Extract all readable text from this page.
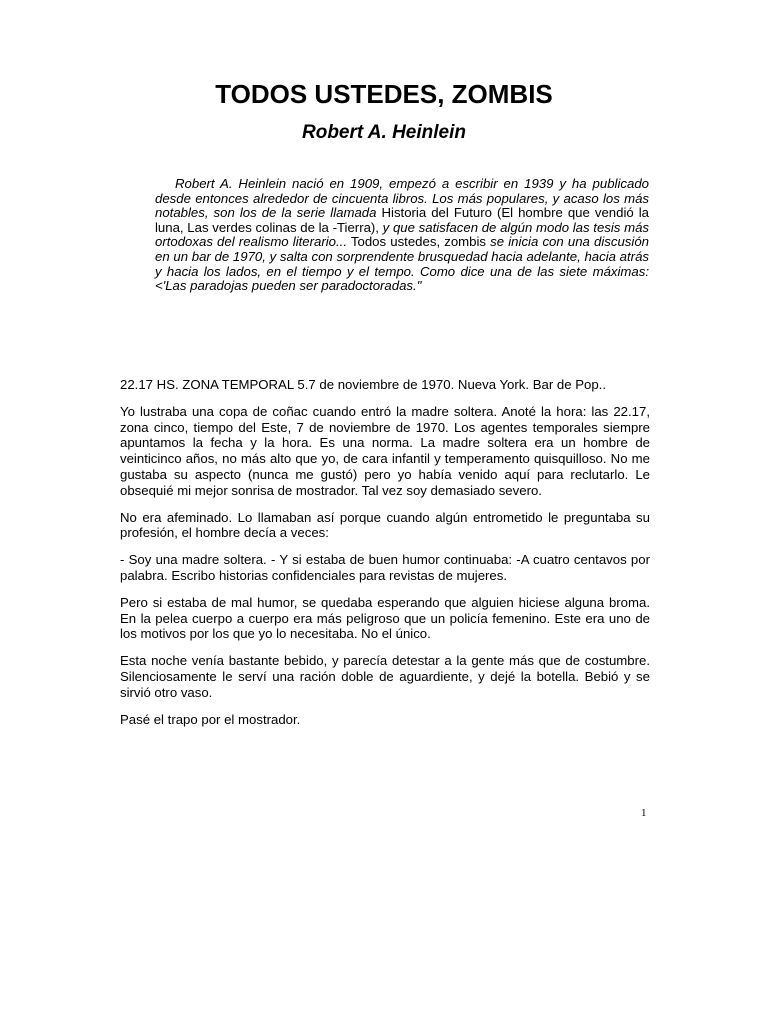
TODOS USTEDES, ZOMBIS
Robert A. Heinlein

Robert A. Heinlein nació en 1909, empezó a escribir en 1939 y ha publicado desde entonces alrededor de cincuenta libros. Los más populares, y acaso los más notables, son los de la serie llamada Historia del Futuro (El hombre que vendió la luna, Las verdes colinas de la -Tierra), y que satisfacen de algún modo las tesis más ortodoxas del realismo literario... Todos ustedes, zombis se inicia con una discusión en un bar de 1970, y salta con sorprendente brusquedad hacia adelante, hacia atrás y hacia los lados, en el tiempo y el tempo. Como dice una de las siete máximas: <'Las paradojas pueden ser paradoctoradas."

22.17 HS. ZONA TEMPORAL 5.7 de noviembre de 1970. Nueva York. Bar de Pop..

Yo lustraba una copa de coñac cuando entró la madre soltera. Anoté la hora: las 22.17, zona cinco, tiempo del Este, 7 de noviembre de 1970. Los agentes temporales siempre apuntamos la fecha y la hora. Es una norma. La madre soltera era un hombre de veinticinco años, no más alto que yo, de cara infantil y temperamento quisquilloso. No me gustaba su aspecto (nunca me gustó) pero yo había venido aquí para reclutarlo. Le obsequié mi mejor sonrisa de mostrador. Tal vez soy demasiado severo.

No era afeminado. Lo llamaban así porque cuando algún entrometido le preguntaba su profesión, el hombre decía a veces:

- Soy una madre soltera. - Y si estaba de buen humor continuaba: -A cuatro centavos por palabra. Escribo historias confidenciales para revistas de mujeres.

Pero si estaba de mal humor, se quedaba esperando que alguien hiciese alguna broma. En la pelea cuerpo a cuerpo era más peligroso que un policía femenino. Este era uno de los motivos por los que yo lo necesitaba. No el único.

Esta noche venía bastante bebido, y parecía detestar a la gente más que de costumbre. Silenciosamente le serví una ración doble de aguardiente, y dejé la botella. Bebió y se sirvió otro vaso.

Pasé el trapo por el mostrador.

1
